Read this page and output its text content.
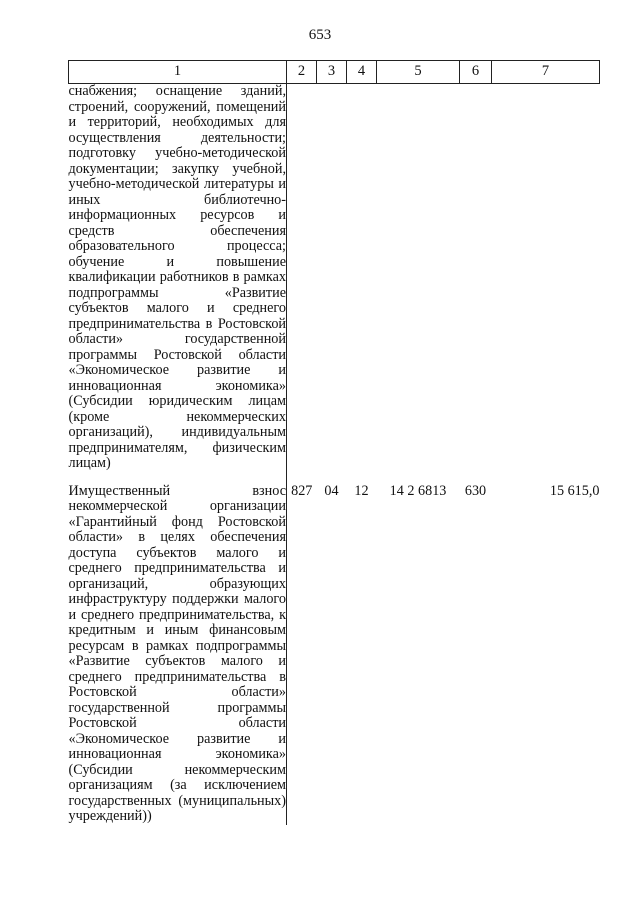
653
1	2	3	4	5	6	7
снабжения; оснащение зданий, строений, сооружений, помещений и территорий, необходимых для осуществления деятельности; подготовку учебно-методической документации; закупку учебной, учебно-методической литературы и иных библиотечно-информационных ресурсов и средств обеспечения образовательного процесса; обучение и повышение квалификации работников в рамках подпрограммы «Развитие субъектов малого и среднего предпринимательства в Ростовской области» государственной программы Ростовской области «Экономическое развитие и инновационная экономика» (Субсидии юридическим лицам (кроме некоммерческих организаций), индивидуальным предпринимателям, физическим лицам)						
Имущественный взнос некоммерческой организации «Гарантийный фонд Ростовской области» в целях обеспечения доступа субъектов малого и среднего предпринимательства и организаций, образующих инфраструктуру поддержки малого и среднего предпринимательства, к кредитным и иным финансовым ресурсам в рамках подпрограммы «Развитие субъектов малого и среднего предпринимательства в Ростовской области» государственной программы Ростовской области «Экономическое развитие и инновационная экономика» (Субсидии некоммерческим организациям (за исключением государственных (муниципальных) учреждений))	827	04	12	14 2 6813	630	15 615,0
